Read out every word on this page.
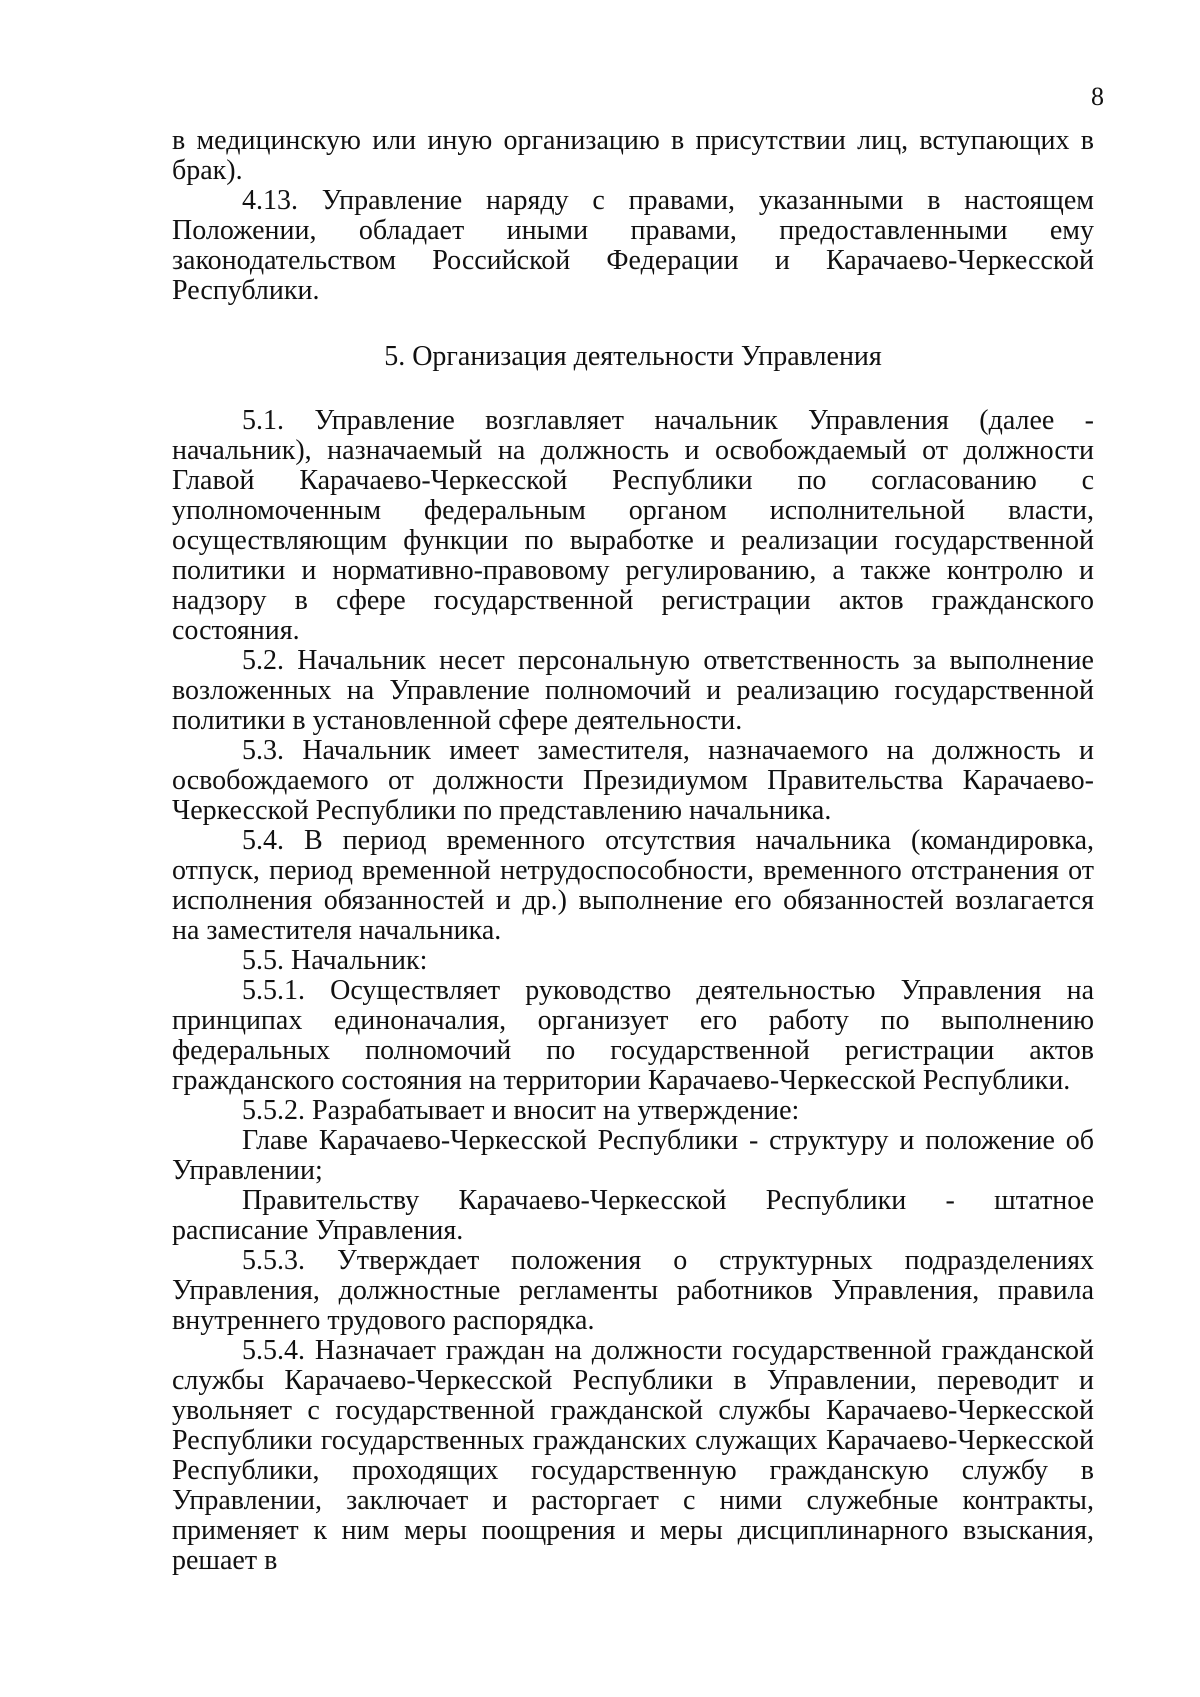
8

в медицинскую или иную организацию в присутствии лиц, вступающих в брак).

4.13. Управление наряду с правами, указанными в настоящем Положении, обладает иными правами, предоставленными ему законодательством Российской Федерации и Карачаево-Черкесской Республики.

5. Организация деятельности Управления

5.1. Управление возглавляет начальник Управления (далее - начальник), назначаемый на должность и освобождаемый от должности Главой Карачаево-Черкесской Республики по согласованию с уполномоченным федеральным органом исполнительной власти, осуществляющим функции по выработке и реализации государственной политики и нормативно-правовому регулированию, а также контролю и надзору в сфере государственной регистрации актов гражданского состояния.

5.2. Начальник несет персональную ответственность за выполнение возложенных на Управление полномочий и реализацию государственной политики в установленной сфере деятельности.

5.3. Начальник имеет заместителя, назначаемого на должность и освобождаемого от должности Президиумом Правительства Карачаево-Черкесской Республики по представлению начальника.

5.4. В период временного отсутствия начальника (командировка, отпуск, период временной нетрудоспособности, временного отстранения от исполнения обязанностей и др.) выполнение его обязанностей возлагается на заместителя начальника.

5.5. Начальник:

5.5.1. Осуществляет руководство деятельностью Управления на принципах единоначалия, организует его работу по выполнению федеральных полномочий по государственной регистрации актов гражданского состояния на территории Карачаево-Черкесской Республики.

5.5.2. Разрабатывает и вносит на утверждение:

Главе Карачаево-Черкесской Республики - структуру и положение об Управлении;

Правительству Карачаево-Черкесской Республики - штатное расписание Управления.

5.5.3. Утверждает положения о структурных подразделениях Управления, должностные регламенты работников Управления, правила внутреннего трудового распорядка.

5.5.4. Назначает граждан на должности государственной гражданской службы Карачаево-Черкесской Республики в Управлении, переводит и увольняет с государственной гражданской службы Карачаево-Черкесской Республики государственных гражданских служащих Карачаево-Черкесской Республики, проходящих государственную гражданскую службу в Управлении, заключает и расторгает с ними служебные контракты, применяет к ним меры поощрения и меры дисциплинарного взыскания, решает в
